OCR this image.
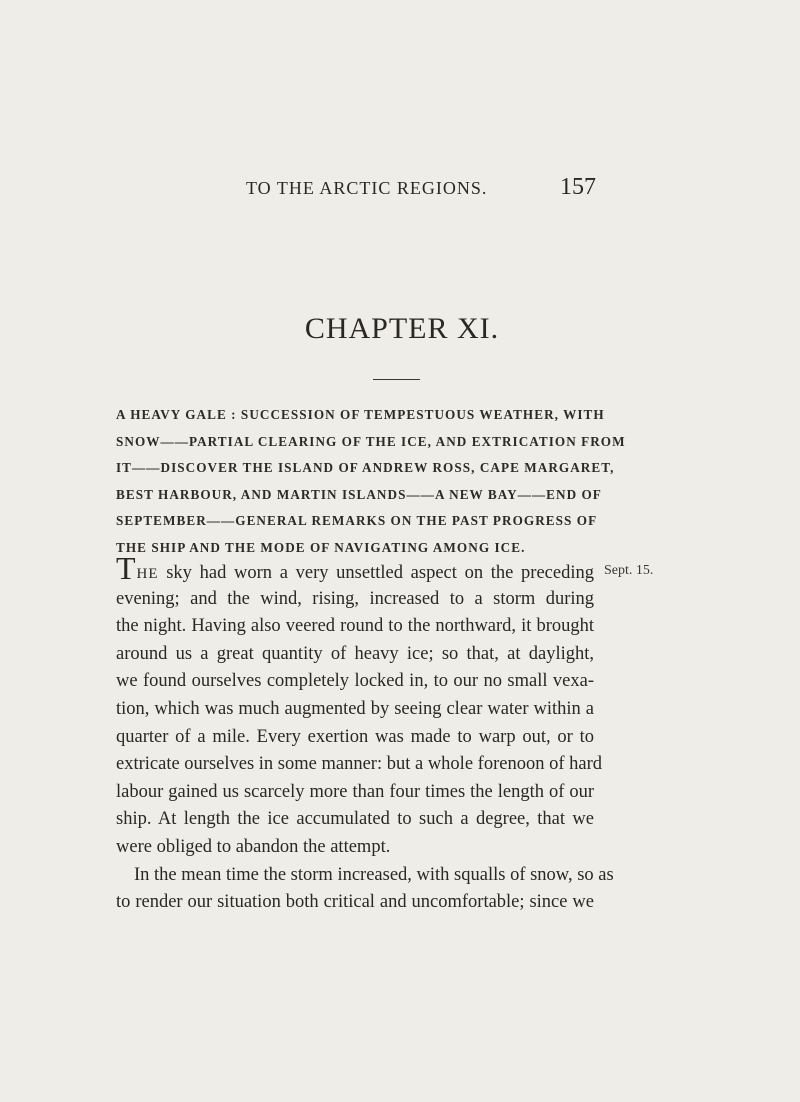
TO THE ARCTIC REGIONS.	157
CHAPTER XI.
A HEAVY GALE : SUCCESSION OF TEMPESTUOUS WEATHER, WITH
SNOW——PARTIAL CLEARING OF THE ICE, AND EXTRICATION FROM
IT——DISCOVER THE ISLAND OF ANDREW ROSS, CAPE MARGARET,
BEST HARBOUR, AND MARTIN ISLANDS——A NEW BAY——END OF
SEPTEMBER——GENERAL REMARKS ON THE PAST PROGRESS OF
THE SHIP AND THE MODE OF NAVIGATING AMONG ICE.
Sept. 15.
THE sky had worn a very unsettled aspect on the preceding
evening; and the wind, rising, increased to a storm during
the night. Having also veered round to the northward, it brought
around us a great quantity of heavy ice; so that, at daylight,
we found ourselves completely locked in, to our no small vexa-
tion, which was much augmented by seeing clear water within a
quarter of a mile. Every exertion was made to warp out, or to
extricate ourselves in some manner: but a whole forenoon of hard
labour gained us scarcely more than four times the length of our
ship. At length the ice accumulated to such a degree, that we
were obliged to abandon the attempt.
In the mean time the storm increased, with squalls of snow, so as
to render our situation both critical and uncomfortable; since we
